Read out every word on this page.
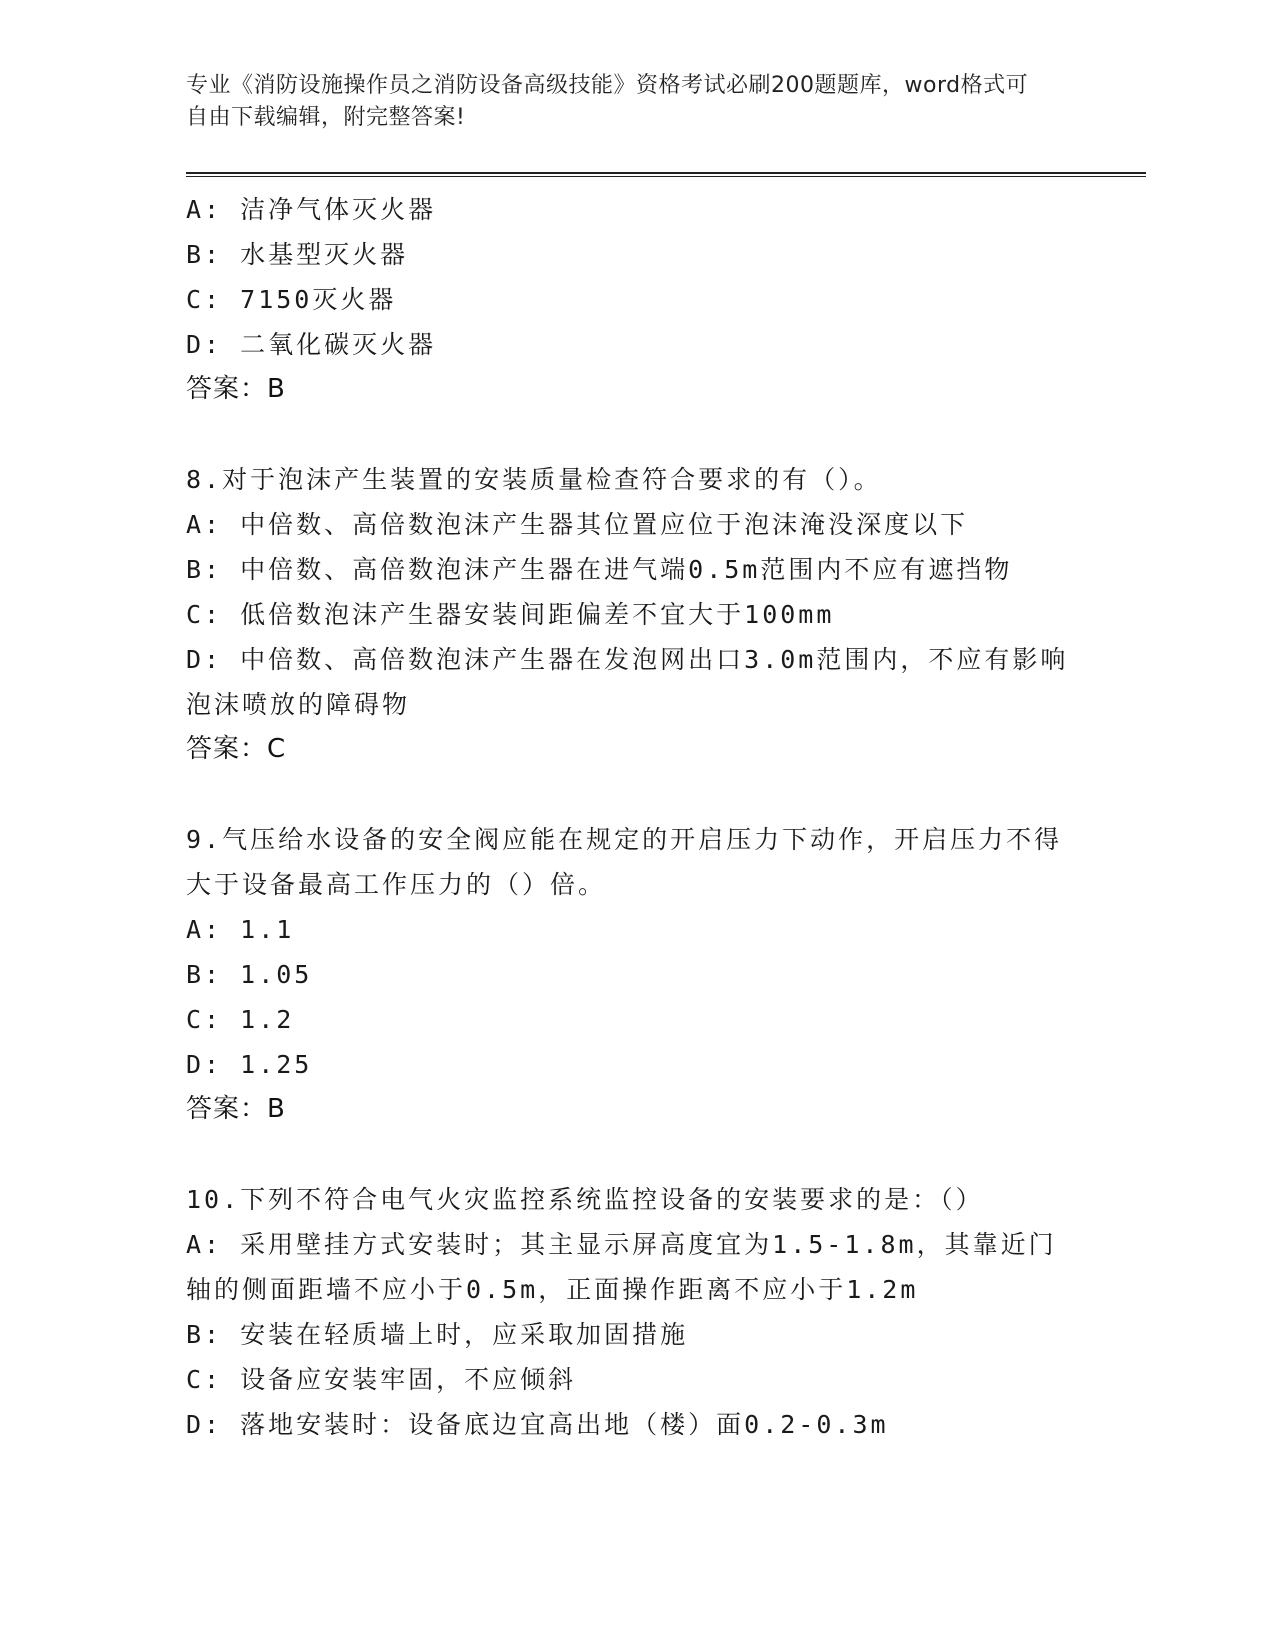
专业《消防设施操作员之消防设备高级技能》资格考试必刷200题题库，word格式可自由下载编辑，附完整答案!
A: 洁净气体灭火器
B: 水基型灭火器
C: 7150灭火器
D: 二氧化碳灭火器
答案：B
8.对于泡沫产生装置的安装质量检查符合要求的有（）。
A: 中倍数、高倍数泡沫产生器其位置应位于泡沫淹没深度以下
B: 中倍数、高倍数泡沫产生器在进气端0.5m范围内不应有遮挡物
C: 低倍数泡沫产生器安装间距偏差不宜大于100mm
D: 中倍数、高倍数泡沫产生器在发泡网出口3.0m范围内，不应有影响泡沫喷放的障碍物
答案：C
9.气压给水设备的安全阀应能在规定的开启压力下动作，开启压力不得大于设备最高工作压力的（）倍。
A: 1.1
B: 1.05
C: 1.2
D: 1.25
答案：B
10.下列不符合电气火灾监控系统监控设备的安装要求的是：（）
A: 采用壁挂方式安装时；其主显示屏高度宜为1.5-1.8m，其靠近门轴的侧面距墙不应小于0.5m，正面操作距离不应小于1.2m
B: 安装在轻质墙上时，应采取加固措施
C: 设备应安装牢固，不应倾斜
D: 落地安装时：设备底边宜高出地（楼）面0.2-0.3m
